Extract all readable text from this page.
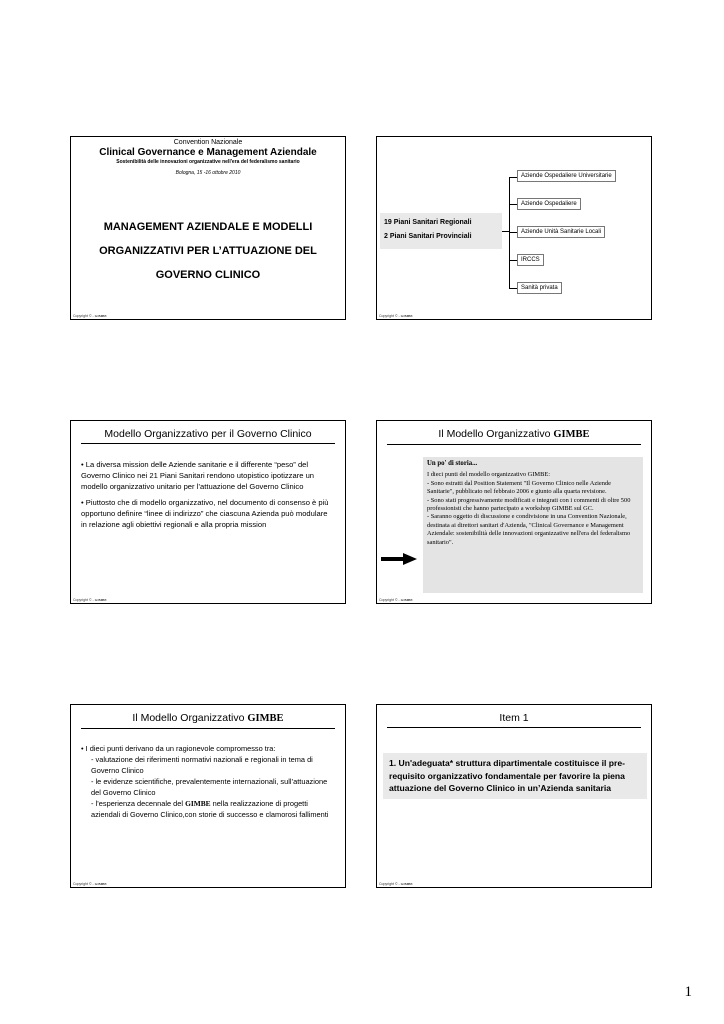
Convention Nazionale
Clinical Governance e Management Aziendale
Sostenibilità delle innovazioni organizzative nell'era del federalismo sanitario
Bologna, 15 -16 ottobre 2010
MANAGEMENT AZIENDALE E MODELLI
ORGANIZZATIVI PER L’ATTUAZIONE DEL
GOVERNO CLINICO
Copyright © - GIMBE
19 Piani Sanitari Regionali
2 Piani Sanitari Provinciali
Aziende Ospedaliere Universitarie
Aziende Ospedaliere
Aziende Unità Sanitarie Locali
IRCCS
Sanità privata
Copyright © - GIMBE
Modello Organizzativo per il Governo Clinico

• La diversa mission delle Aziende sanitarie e il differente “peso” del Governo Clinico nei 21 Piani Sanitari rendono utopistico ipotizzare un modello organizzativo unitario per l’attuazione del Governo Clinico

• Piuttosto che di modello organizzativo, nel documento di consenso è più opportuno definire “linee di indirizzo” che ciascuna Azienda può modulare in relazione agli obiettivi regionali e alla propria mission

Copyright © - GIMBE
Il Modello Organizzativo GIMBE
Un po' di storia...
I dieci punti del modello organizzativo GIMBE:
- Sono estratti dal Position Statement "Il Governo Clinico nelle Aziende Sanitarie", pubblicato nel febbraio 2006 e giunto alla quarta revisione.
- Sono stati progressivamente modificati e integrati con i commenti di oltre 500 professionisti che hanno partecipato a workshop GIMBE sul GC.
- Saranno oggetto di discussione e condivisione in una Convention Nazionale, destinata ai direttori sanitari d'Azienda, "Clinical Governance e Management Aziendale: sostenibilità delle innovazioni organizzative nell'era del federalismo sanitario".
Copyright © - GIMBE
Il Modello Organizzativo GIMBE
• I dieci punti derivano da un ragionevole compromesso tra:
- valutazione dei riferimenti normativi nazionali e regionali in tema di Governo Clinico
- le evidenze scientifiche, prevalentemente internazionali, sull’attuazione del Governo Clinico
- l’esperienza decennale del GIMBE nella realizzazione di progetti aziendali di Governo Clinico,con storie di successo e clamorosi fallimenti
Copyright © - GIMBE
Item 1
1. Un'adeguata* struttura dipartimentale costituisce il pre-requisito organizzativo fondamentale per favorire la piena attuazione del Governo Clinico in un’Azienda sanitaria
Copyright © - GIMBE
1
